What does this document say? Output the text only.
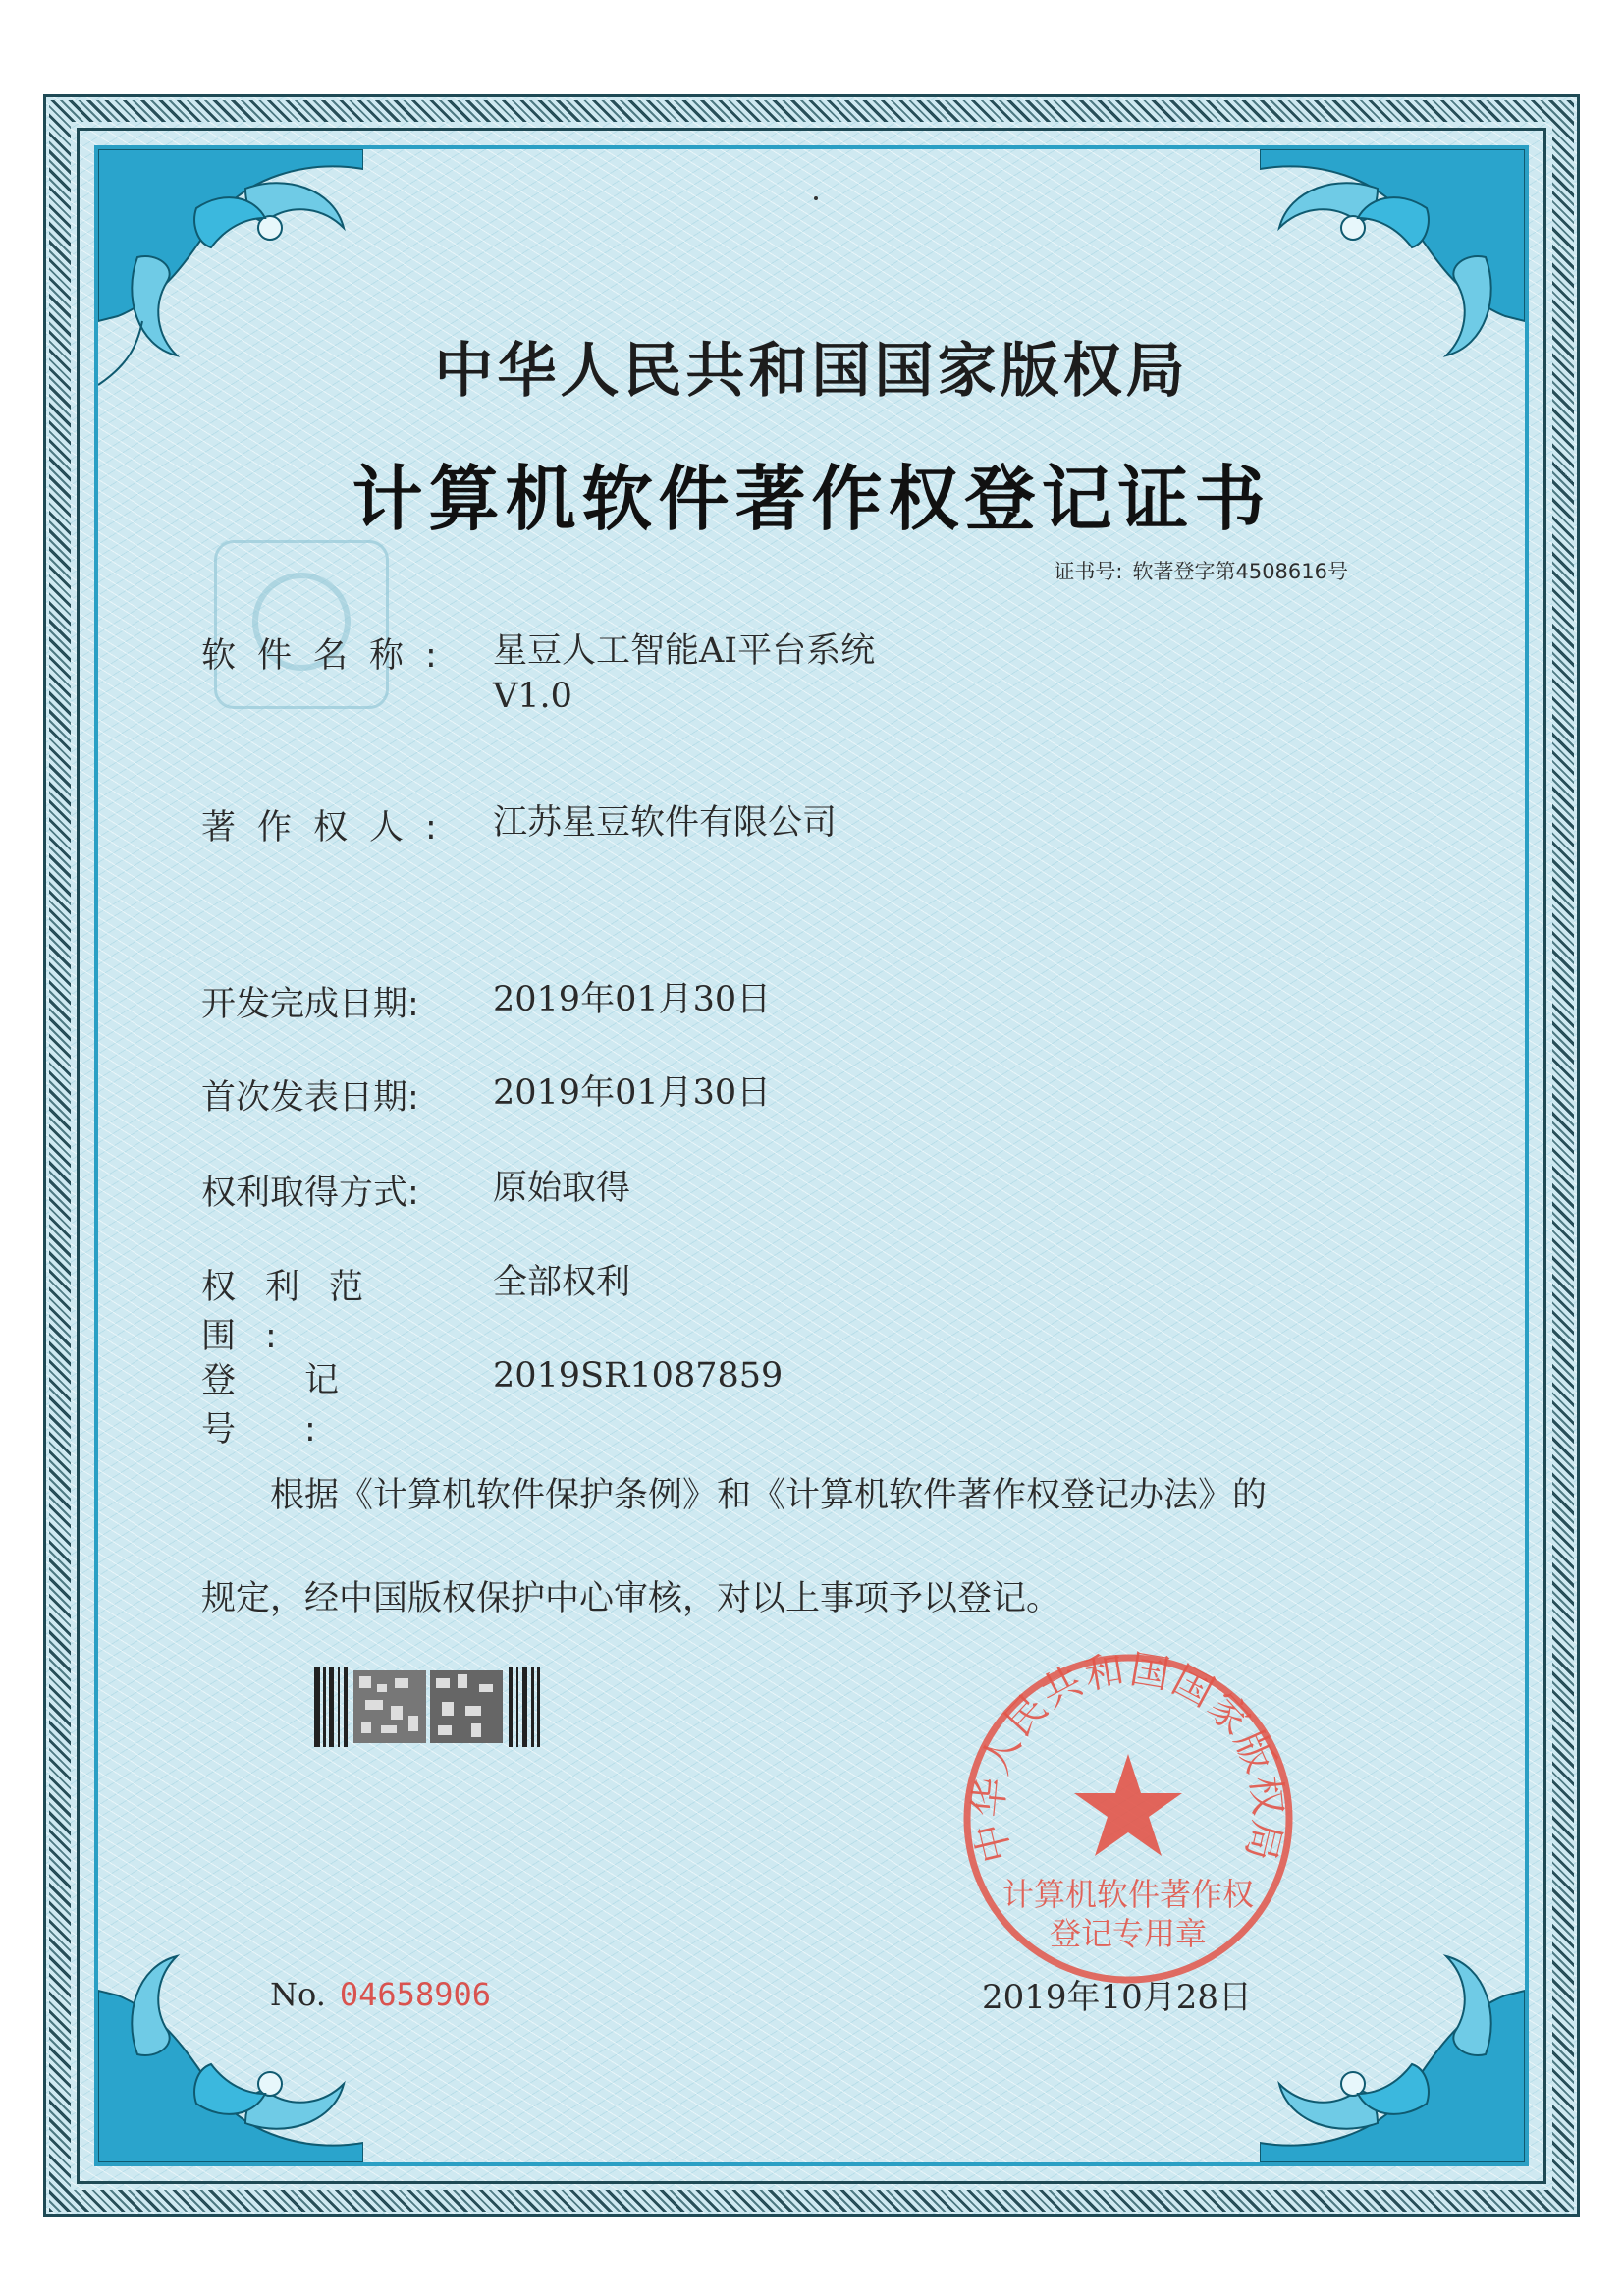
中华人民共和国国家版权局
计算机软件著作权登记证书
证书号: 软著登字第4508616号
软件名称:	星豆人工智能AI平台系统
V1.0
著作权人:	江苏星豆软件有限公司
开发完成日期:	2019年01月30日
首次发表日期:	2019年01月30日
权利取得方式:	原始取得
权利范围:
全部权利
登记号:
2019SR1087859
根据《计算机软件保护条例》和《计算机软件著作权登记办法》的
规定，经中国版权保护中心审核，对以上事项予以登记。
中华人民共和国国家版权局
计算机软件著作权
登记专用章
No. 04658906	2019年10月28日
